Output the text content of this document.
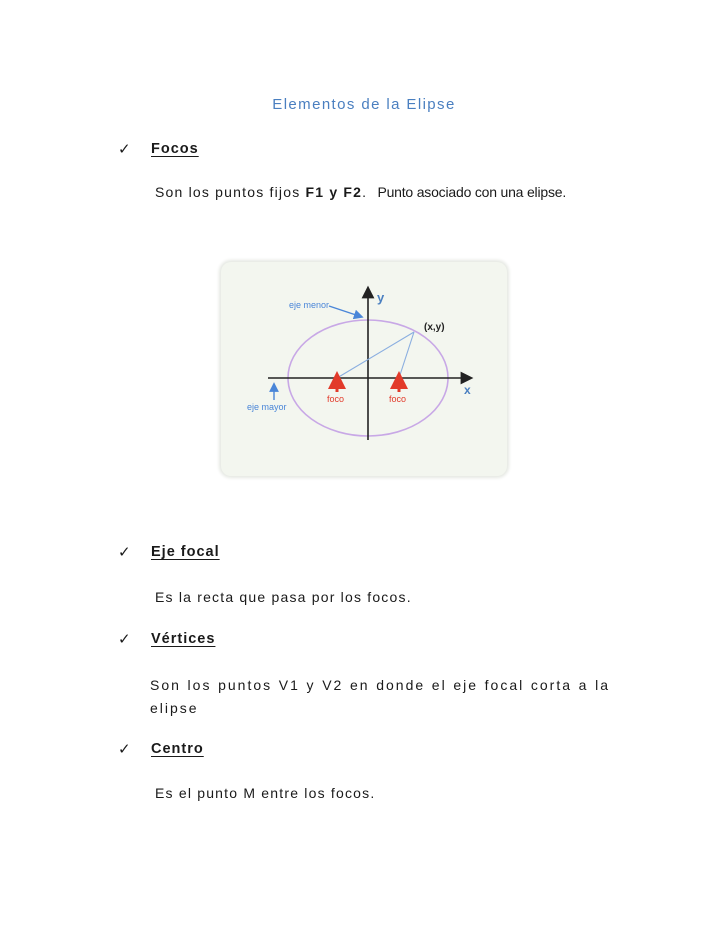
Elementos de la Elipse
✓ Focos
Son los puntos fijos F1 y F2. Punto asociado con una elipse.
y
x
(x,y)
eje menor
eje mayor
foco	foco
✓ Eje focal
Es la recta que pasa por los focos.
✓ Vértices
Son los puntos V1 y V2 en donde el eje focal corta a la elipse
✓ Centro
Es el punto M entre los focos.
